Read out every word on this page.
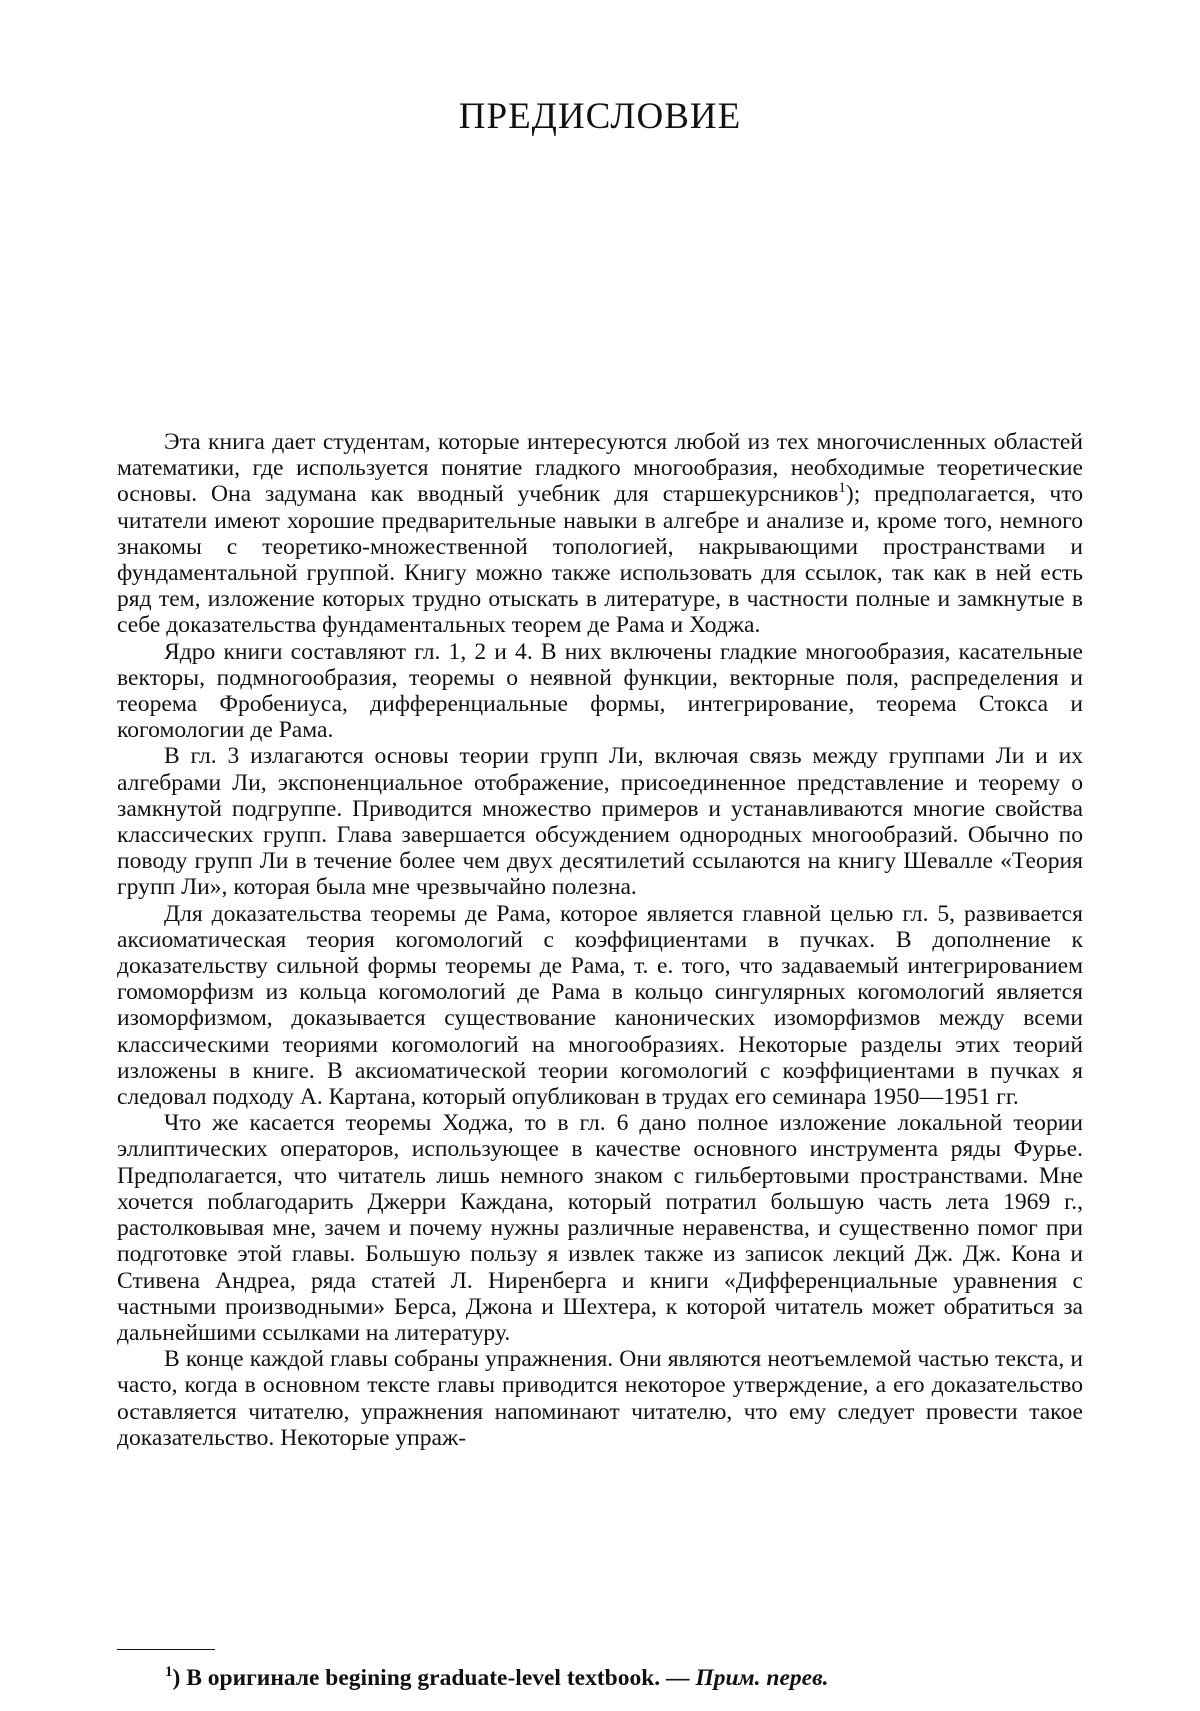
ПРЕДИСЛОВИЕ

Эта книга дает студентам, которые интересуются любой из тех многочисленных областей математики, где используется понятие гладкого многообразия, необходимые теоретические основы. Она задумана как вводный учебник для старшекурсников$^1$); предполагается, что читатели имеют хорошие предварительные навыки в алгебре и анализе и, кроме того, немного знакомы с теоретико-множественной топологией, накрывающими пространствами и фундаментальной группой. Книгу можно также использовать для ссылок, так как в ней есть ряд тем, изложение которых трудно отыскать в литературе, в частности полные и замкнутые в себе доказательства фундаментальных теорем де Рама и Ходжа.

Ядро книги составляют гл. 1, 2 и 4. В них включены гладкие многообразия, касательные векторы, подмногообразия, теоремы о неявной функции, векторные поля, распределения и теорема Фробениуса, дифференциальные формы, интегрирование, теорема Стокса и когомологии де Рама.

В гл. 3 излагаются основы теории групп Ли, включая связь между группами Ли и их алгебрами Ли, экспоненциальное отображение, присоединенное представление и теорему о замкнутой подгруппе. Приводится множество примеров и устанавливаются многие свойства классических групп. Глава завершается обсуждением однородных многообразий. Обычно по поводу групп Ли в течение более чем двух десятилетий ссылаются на книгу Шевалле «Теория групп Ли», которая была мне чрезвычайно полезна.

Для доказательства теоремы де Рама, которое является главной целью гл. 5, развивается аксиоматическая теория когомологий с коэффициентами в пучках. В дополнение к доказательству сильной формы теоремы де Рама, т. е. того, что задаваемый интегрированием гомоморфизм из кольца когомологий де Рама в кольцо сингулярных когомологий является изоморфизмом, доказывается существование канонических изоморфизмов между всеми классическими теориями когомологий на многообразиях. Некоторые разделы этих теорий изложены в книге. В аксиоматической теории когомологий с коэффициентами в пучках я следовал подходу А. Картана, который опубликован в трудах его семинара 1950—1951 гг.

Что же касается теоремы Ходжа, то в гл. 6 дано полное изложение локальной теории эллиптических операторов, использующее в качестве основного инструмента ряды Фурье. Предполагается, что читатель лишь немного знаком с гильбертовыми пространствами. Мне хочется поблагодарить Джерри Каждана, который потратил большую часть лета 1969 г., растолковывая мне, зачем и почему нужны различные неравенства, и существенно помог при подготовке этой главы. Большую пользу я извлек также из записок лекций Дж. Дж. Кона и Стивена Андреа, ряда статей Л. Ниренберга и книги «Дифференциальные уравнения с частными производными» Берса, Джона и Шехтера, к которой читатель может обратиться за дальнейшими ссылками на литературу.

В конце каждой главы собраны упражнения. Они являются неотъемлемой частью текста, и часто, когда в основном тексте главы приводится некоторое утверждение, а его доказательство оставляется читателю, упражнения напоминают читателю, что ему следует провести такое доказательство. Некоторые упраж-

$^1$) В оригинале begining graduate-level textbook. — Прим. перев.
